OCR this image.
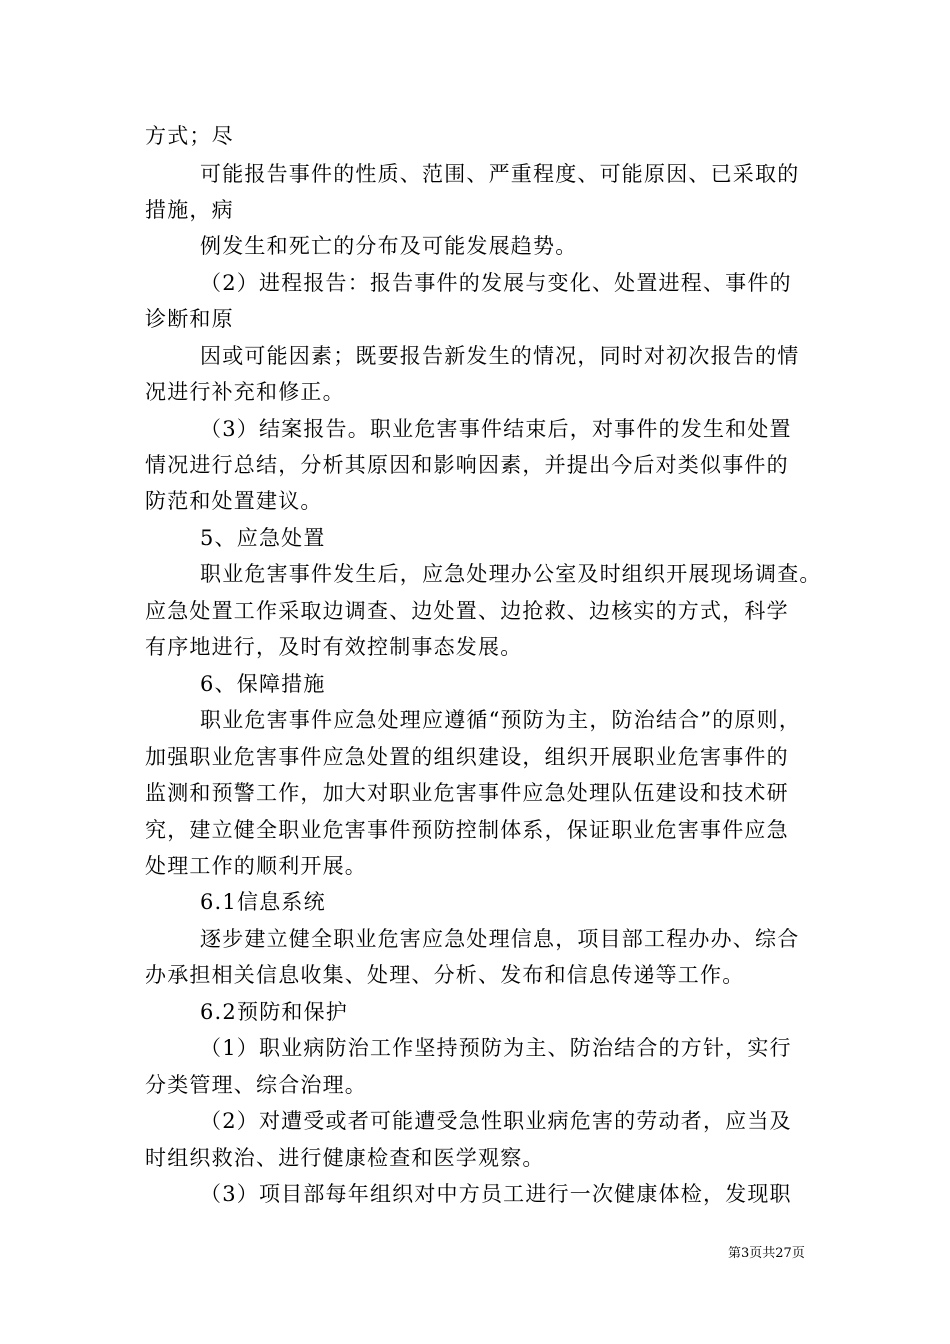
方式；尽
可能报告事件的性质、范围、严重程度、可能原因、已采取的
措施，病
例发生和死亡的分布及可能发展趋势。
（2）进程报告：报告事件的发展与变化、处置进程、事件的
诊断和原
因或可能因素；既要报告新发生的情况，同时对初次报告的情
况进行补充和修正。
（3）结案报告。职业危害事件结束后，对事件的发生和处置
情况进行总结，分析其原因和影响因素，并提出今后对类似事件的
防范和处置建议。
5、应急处置
职业危害事件发生后，应急处理办公室及时组织开展现场调查。
应急处置工作采取边调查、边处置、边抢救、边核实的方式，科学
有序地进行，及时有效控制事态发展。
6、保障措施
职业危害事件应急处理应遵循“预防为主，防治结合”的原则，
加强职业危害事件应急处置的组织建设，组织开展职业危害事件的
监测和预警工作，加大对职业危害事件应急处理队伍建设和技术研
究，建立健全职业危害事件预防控制体系，保证职业危害事件应急
处理工作的顺利开展。
6.1信息系统
逐步建立健全职业危害应急处理信息，项目部工程办办、综合
办承担相关信息收集、处理、分析、发布和信息传递等工作。
6.2预防和保护
（1）职业病防治工作坚持预防为主、防治结合的方针，实行
分类管理、综合治理。
（2）对遭受或者可能遭受急性职业病危害的劳动者，应当及
时组织救治、进行健康检查和医学观察。
（3）项目部每年组织对中方员工进行一次健康体检，发现职
第3页共27页
